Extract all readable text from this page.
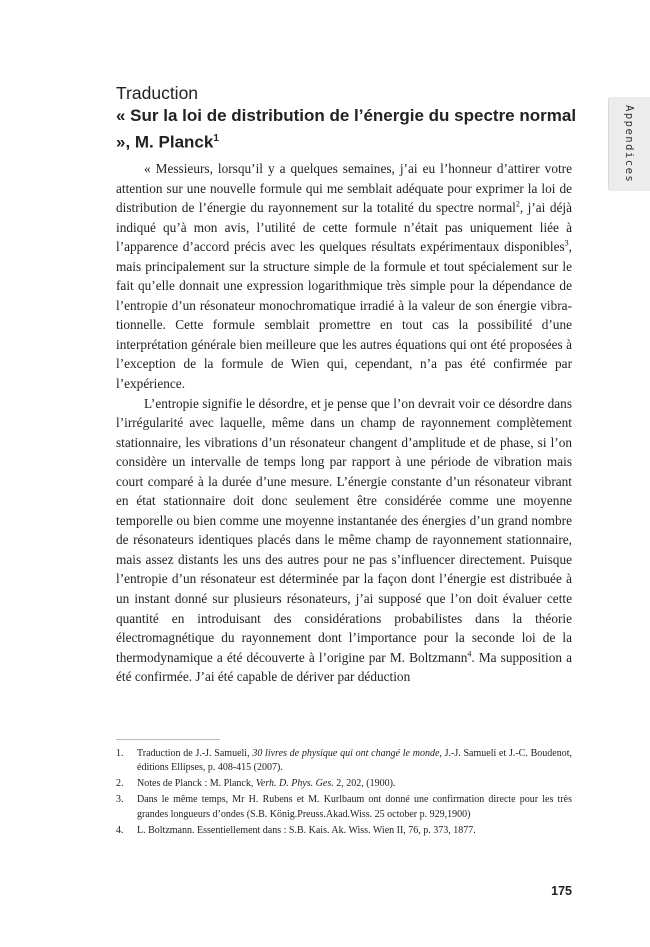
Traduction

« Sur la loi de distribution de l’énergie du spectre normal », M. Planck$^1$	Appendices

« Messieurs, lorsqu’il y a quelques semaines, j’ai eu l’honneur d’attirer votre attention sur une nouvelle formule qui me semblait adéquate pour exprimer la loi de distribution de l’énergie du rayonnement sur la totalité du spectre normal$^2$, j’ai déjà indiqué qu’à mon avis, l’utilité de cette formule n’était pas uniquement liée à l’apparence d’accord précis avec les quelques résultats expérimentaux disponibles$^3$, mais principalement sur la structure simple de la formule et tout spécialement sur le fait qu’elle donnait une expression logarithmique très simple pour la dépendance de l’entropie d’un résonateur monochromatique irradié à la valeur de son énergie vibrationnelle. Cette formule semblait promettre en tout cas la possibilité d’une interprétation générale bien meilleure que les autres équations qui ont été proposées à l’exception de la formule de Wien qui, cependant, n’a pas été confirmée par l’expérience.

L’entropie signifie le désordre, et je pense que l’on devrait voir ce désordre dans l’irrégularité avec laquelle, même dans un champ de rayonnement complètement stationnaire, les vibrations d’un résonateur changent d’amplitude et de phase, si l’on considère un intervalle de temps long par rapport à une période de vibration mais court comparé à la durée d’une mesure. L’énergie constante d’un résonateur vibrant en état stationnaire doit donc seulement être considérée comme une moyenne temporelle ou bien comme une moyenne instantanée des énergies d’un grand nombre de résonateurs identiques placés dans le même champ de rayonnement stationnaire, mais assez distants les uns des autres pour ne pas s’influencer directement. Puisque l’entropie d’un résonateur est déterminée par la façon dont l’énergie est distribuée à un instant donné sur plusieurs résonateurs, j’ai supposé que l’on doit évaluer cette quantité en introduisant des considérations probabilistes dans la théorie électromagnétique du rayonnement dont l’importance pour la seconde loi de la thermodynamique a été découverte à l’origine par M. Boltzmann$^4$. Ma supposition a été confirmée. J’ai été capable de dériver par déduction

1.	Traduction de J.-J. Samueli, 30 livres de physique qui ont changé le monde, J.-J. Samueli et J.-C. Boudenot, éditions Ellipses, p. 408-415 (2007).
2.	Notes de Planck : M. Planck, Verh. D. Phys. Ges. 2, 202, (1900).
3.	Dans le même temps, Mr H. Rubens et M. Kurlbaum ont donné une confirmation directe pour les très grandes longueurs d’ondes (S.B. König.Preuss.Akad.Wiss. 25 october p. 929,1900)
4.	L. Boltzmann. Essentiellement dans : S.B. Kais. Ak. Wiss. Wien II, 76, p. 373, 1877.
175
